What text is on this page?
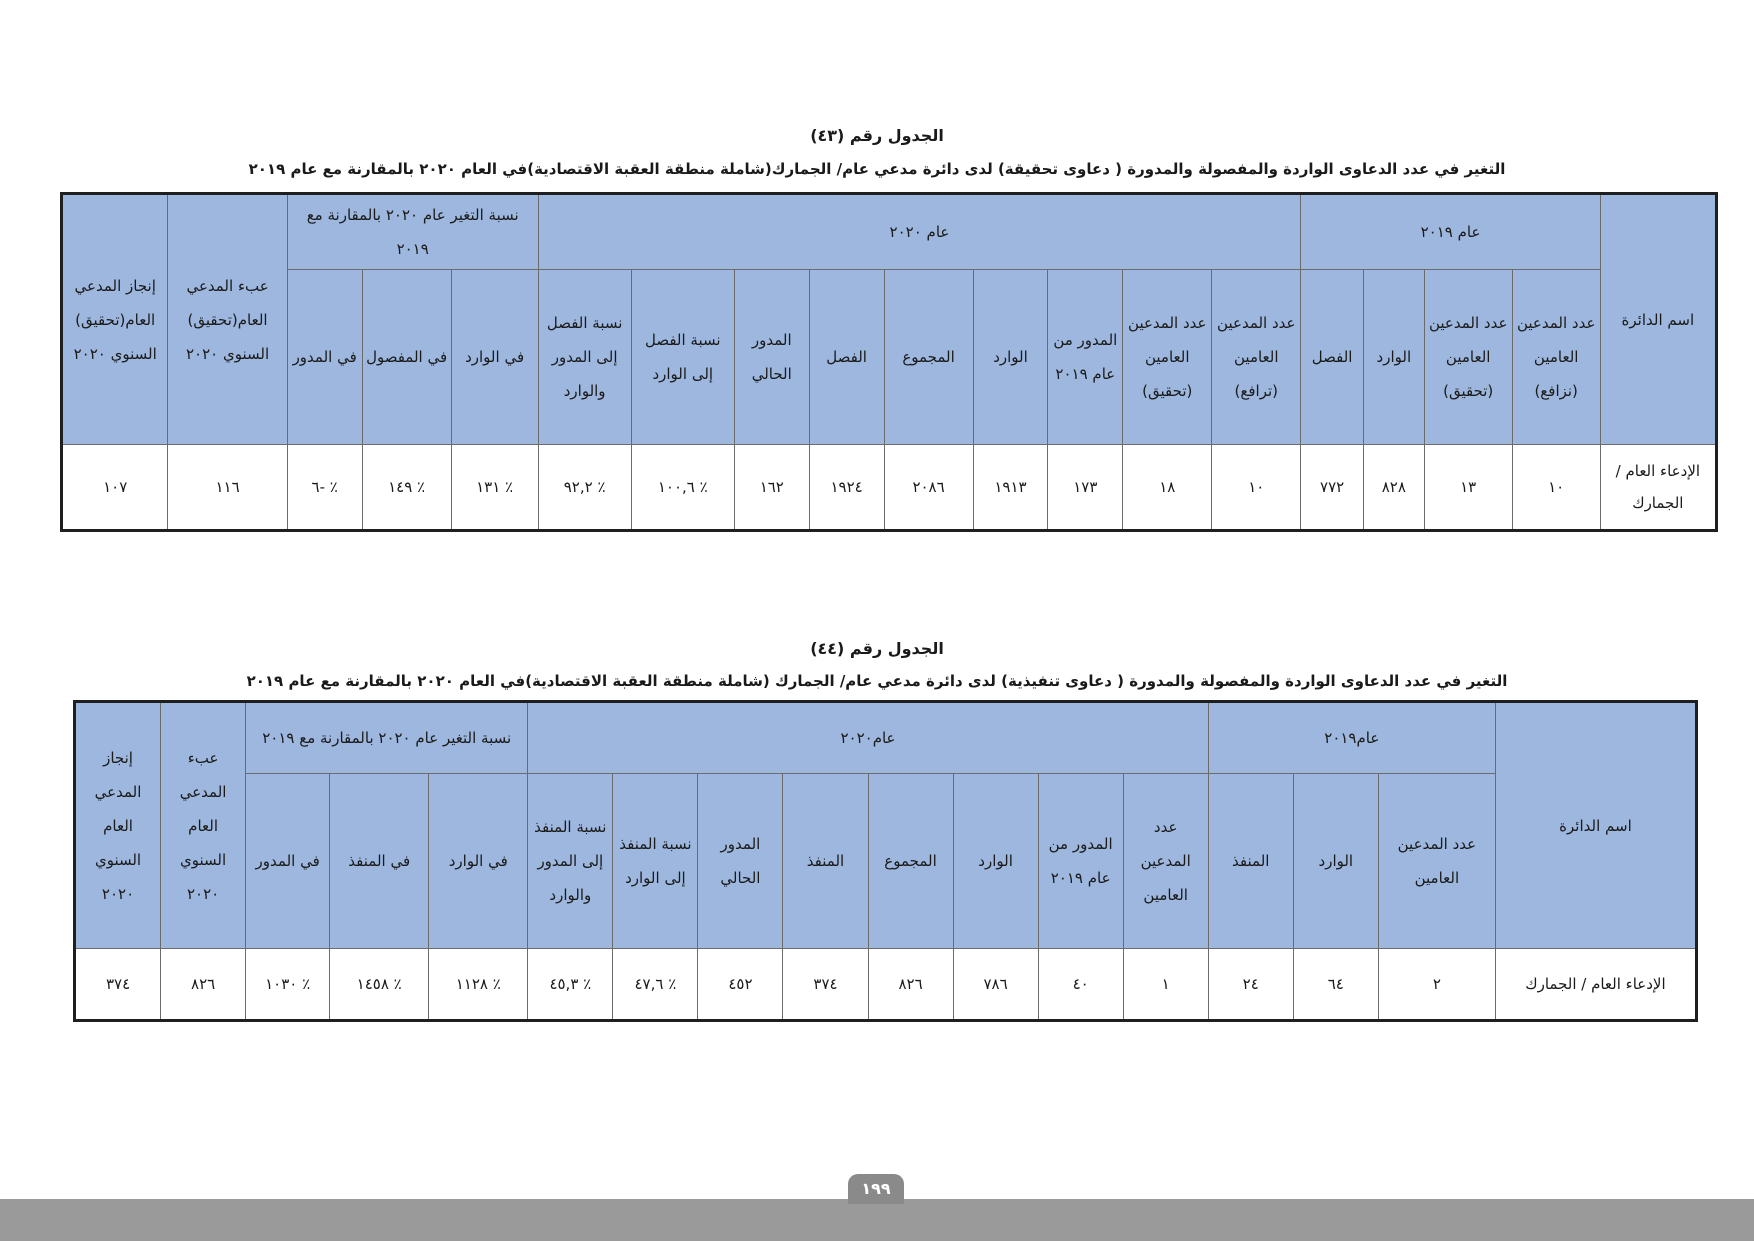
الجدول رقم (٤٣)
التغير في عدد الدعاوى الواردة والمفصولة والمدورة ( دعاوى تحقيقة) لدى دائرة مدعي عام/ الجمارك(شاملة منطقة العقبة الاقتصادية)في العام ٢٠٢٠ بالمقارنة مع عام ٢٠١٩
اسم الدائرة	عام ٢٠١٩				عام ٢٠٢٠									نسبة التغير عام ٢٠٢٠ بالمقارنة مع ٢٠١٩			عبء المدعي العام(تحقيق) السنوي ٢٠٢٠	إنجاز المدعي العام(تحقيق) السنوي ٢٠٢٠
	عدد المدعين العامين (نزافع)	عدد المدعين العامين (تحقيق)	الوارد	الفصل	عدد المدعين العامين (ترافع)	عدد المدعين العامين (تحقيق)	المدور من عام ٢٠١٩	الوارد	المجموع	الفصل	المدور الحالي	نسبة الفصل إلى الوارد	نسبة الفصل إلى المدور والوارد	في الوارد	في المفصول	في المدور		
الإدعاء العام / الجمارك	١٠	١٣	٨٢٨	٧٧٢	١٠	١٨	١٧٣	١٩١٣	٢٠٨٦	١٩٢٤	١٦٢	٪ ١٠٠,٦	٪ ٩٢,٢	٪ ١٣١	٪ ١٤٩	٪ -٦	١١٦	١٠٧
الجدول رقم (٤٤)
التغير في عدد الدعاوى الواردة والمفصولة والمدورة ( دعاوى تنفيذية) لدى دائرة مدعي عام/ الجمارك (شاملة منطقة العقبة الاقتصادية)في العام ٢٠٢٠ بالمقارنة مع عام ٢٠١٩
اسم الدائرة	عام٢٠١٩			عام٢٠٢٠								نسبة التغير عام ٢٠٢٠ بالمقارنة مع ٢٠١٩			عبء المدعي العام السنوي ٢٠٢٠	إنجاز المدعي العام السنوي ٢٠٢٠
	عدد المدعين العامين	الوارد	المنفذ	عدد المدعين العامين	المدور من عام ٢٠١٩	الوارد	المجموع	المنفذ	المدور الحالي	نسبة المنفذ إلى الوارد	نسبة المنفذ إلى المدور والوارد	في الوارد	في المنفذ	في المدور		
الإدعاء العام / الجمارك	٢	٦٤	٢٤	١	٤٠	٧٨٦	٨٢٦	٣٧٤	٤٥٢	٪ ٤٧,٦	٪ ٤٥,٣	٪ ١١٢٨	٪ ١٤٥٨	٪ ١٠٣٠	٨٢٦	٣٧٤
١٩٩
